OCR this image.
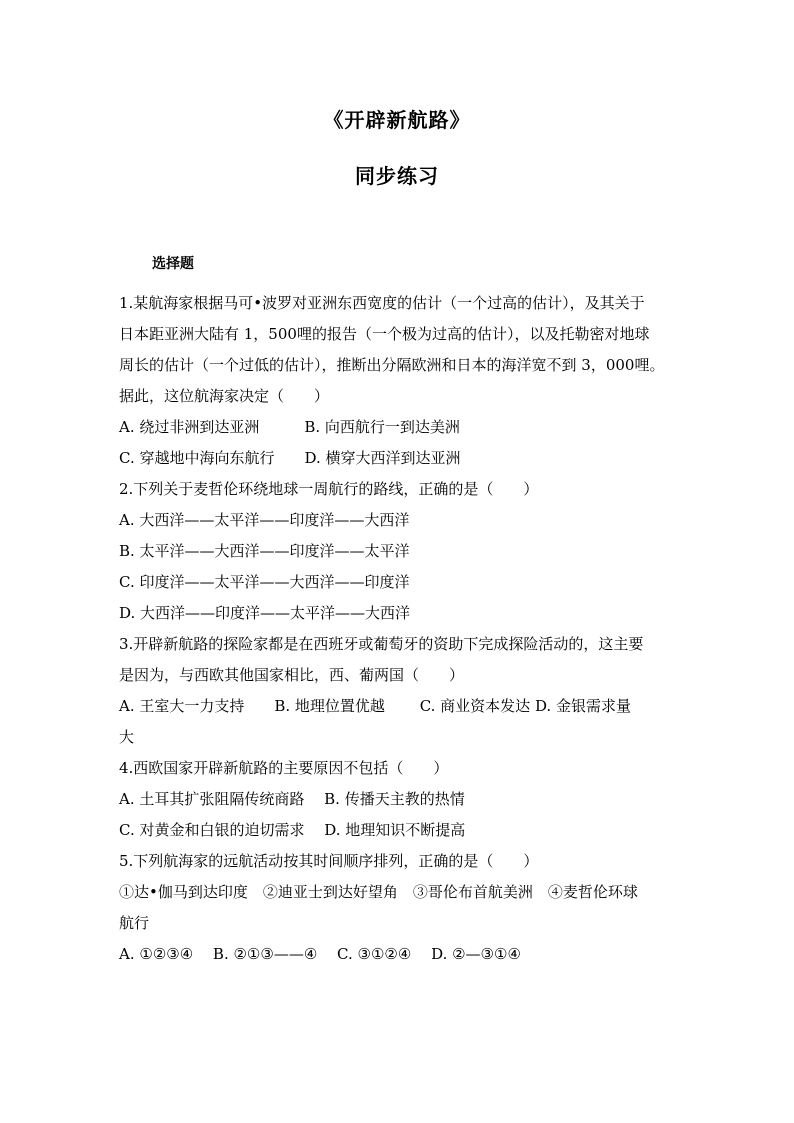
《开辟新航路》
同步练习
选择题
1.某航海家根据马可•波罗对亚洲东西宽度的估计（一个过高的估计），及其关于
日本距亚洲大陆有 1，500哩的报告（一个极为过高的估计），以及托勒密对地球
周长的估计（一个过低的估计），推断出分隔欧洲和日本的海洋宽不到 3，000哩。
据此，这位航海家决定（　　）
A. 绕过非洲到达亚洲　　　B. 向西航行一到达美洲
C. 穿越地中海向东航行　　D. 横穿大西洋到达亚洲
2.下列关于麦哲伦环绕地球一周航行的路线，正确的是（　　）
A. 大西洋——太平洋——印度洋——大西洋
B. 太平洋——大西洋——印度洋——太平洋
C. 印度洋——太平洋——大西洋——印度洋
D. 大西洋——印度洋——太平洋——大西洋
3.开辟新航路的探险家都是在西班牙或葡萄牙的资助下完成探险活动的，这主要
是因为，与西欧其他国家相比，西、葡两国（　　）
A. 王室大一力支持　　B. 地理位置优越　　 C. 商业资本发达 D. 金银需求量
大
4.西欧国家开辟新航路的主要原因不包括（　　）
A. 土耳其扩张阻隔传统商路　 B. 传播天主教的热情
C. 对黄金和白银的迫切需求　 D. 地理知识不断提高
5.下列航海家的远航活动按其时间顺序排列，正确的是（　　）
①达•伽马到达印度　②迪亚士到达好望角　③哥伦布首航美洲　④麦哲伦环球
航行
A. ①②③④　 B. ②①③——④　 C. ③①②④　 D. ②—③①④
